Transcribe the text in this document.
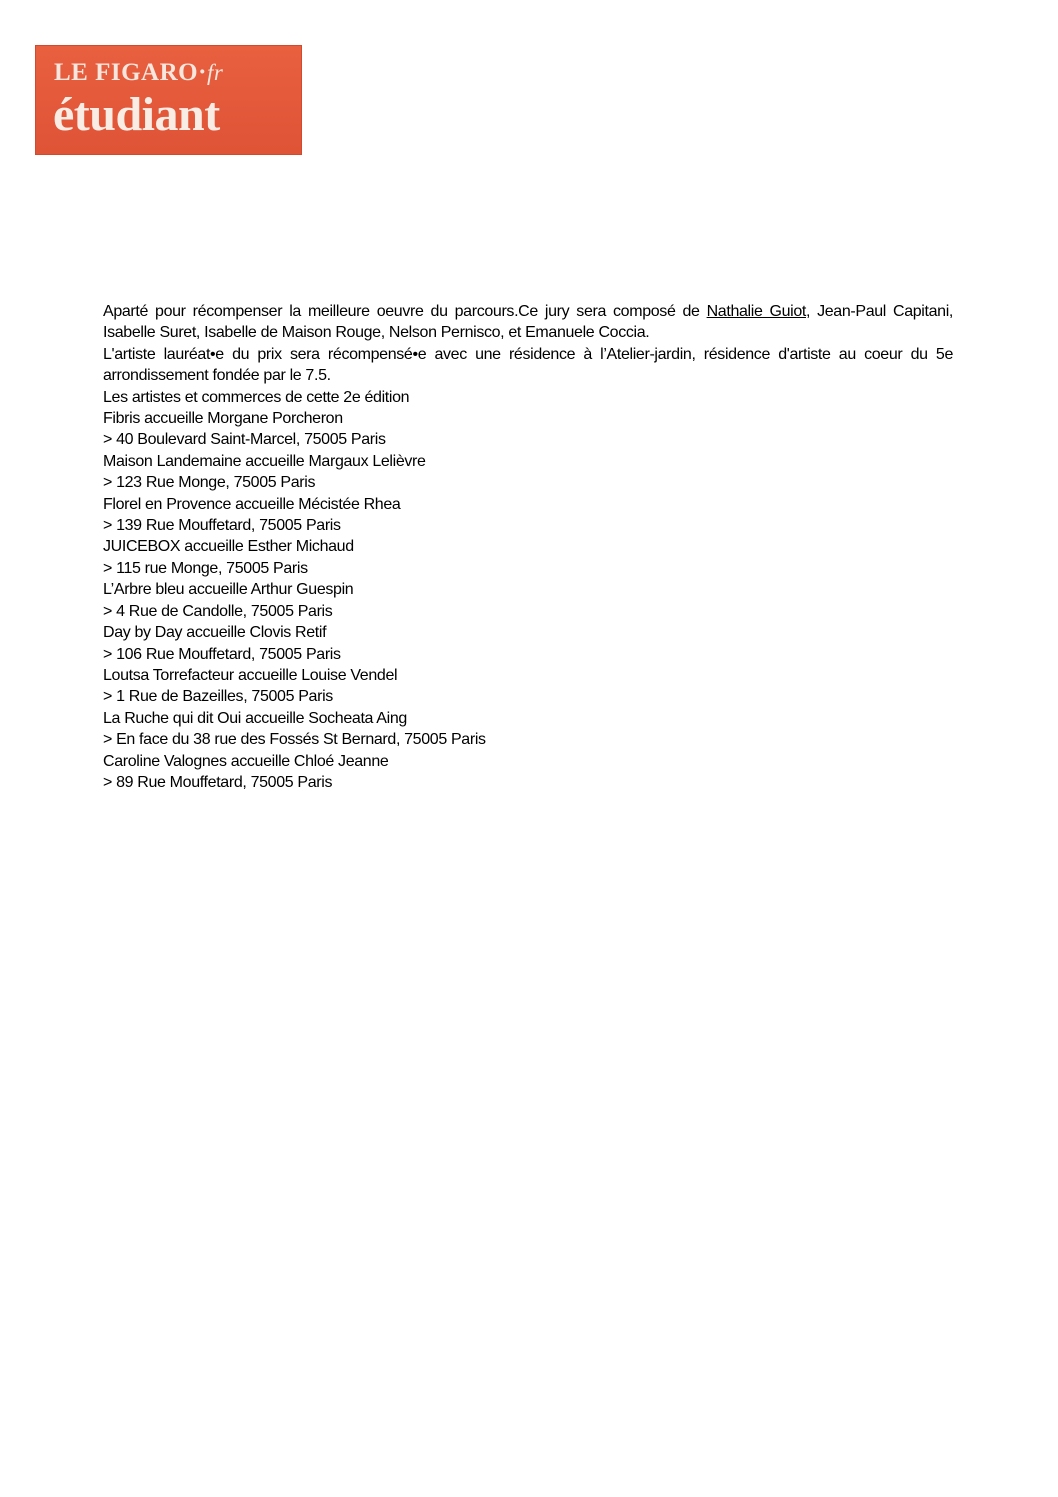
LE FIGARO·fr
étudiant

Aparté pour récompenser la meilleure oeuvre du parcours.Ce jury sera composé de Nathalie Guiot, Jean-Paul Capitani, Isabelle Suret, Isabelle de Maison Rouge, Nelson Pernisco, et Emanuele Coccia.

L'artiste lauréat•e du prix sera récompensé•e avec une résidence à l’Atelier-jardin, résidence d'artiste au coeur du 5e arrondissement fondée par le 7.5.

Les artistes et commerces de cette 2e édition

Fibris accueille Morgane Porcheron

> 40 Boulevard Saint-Marcel, 75005 Paris

Maison Landemaine accueille Margaux Lelièvre

> 123 Rue Monge, 75005 Paris

Florel en Provence accueille Mécistée Rhea

> 139 Rue Mouffetard, 75005 Paris

JUICEBOX accueille Esther Michaud

> 115 rue Monge, 75005 Paris

L’Arbre bleu accueille Arthur Guespin

> 4 Rue de Candolle, 75005 Paris

Day by Day accueille Clovis Retif

> 106 Rue Mouffetard, 75005 Paris

Loutsa Torrefacteur accueille Louise Vendel

> 1 Rue de Bazeilles, 75005 Paris

La Ruche qui dit Oui accueille Socheata Aing

> En face du 38 rue des Fossés St Bernard, 75005 Paris

Caroline Valognes accueille Chloé Jeanne

> 89 Rue Mouffetard, 75005 Paris
